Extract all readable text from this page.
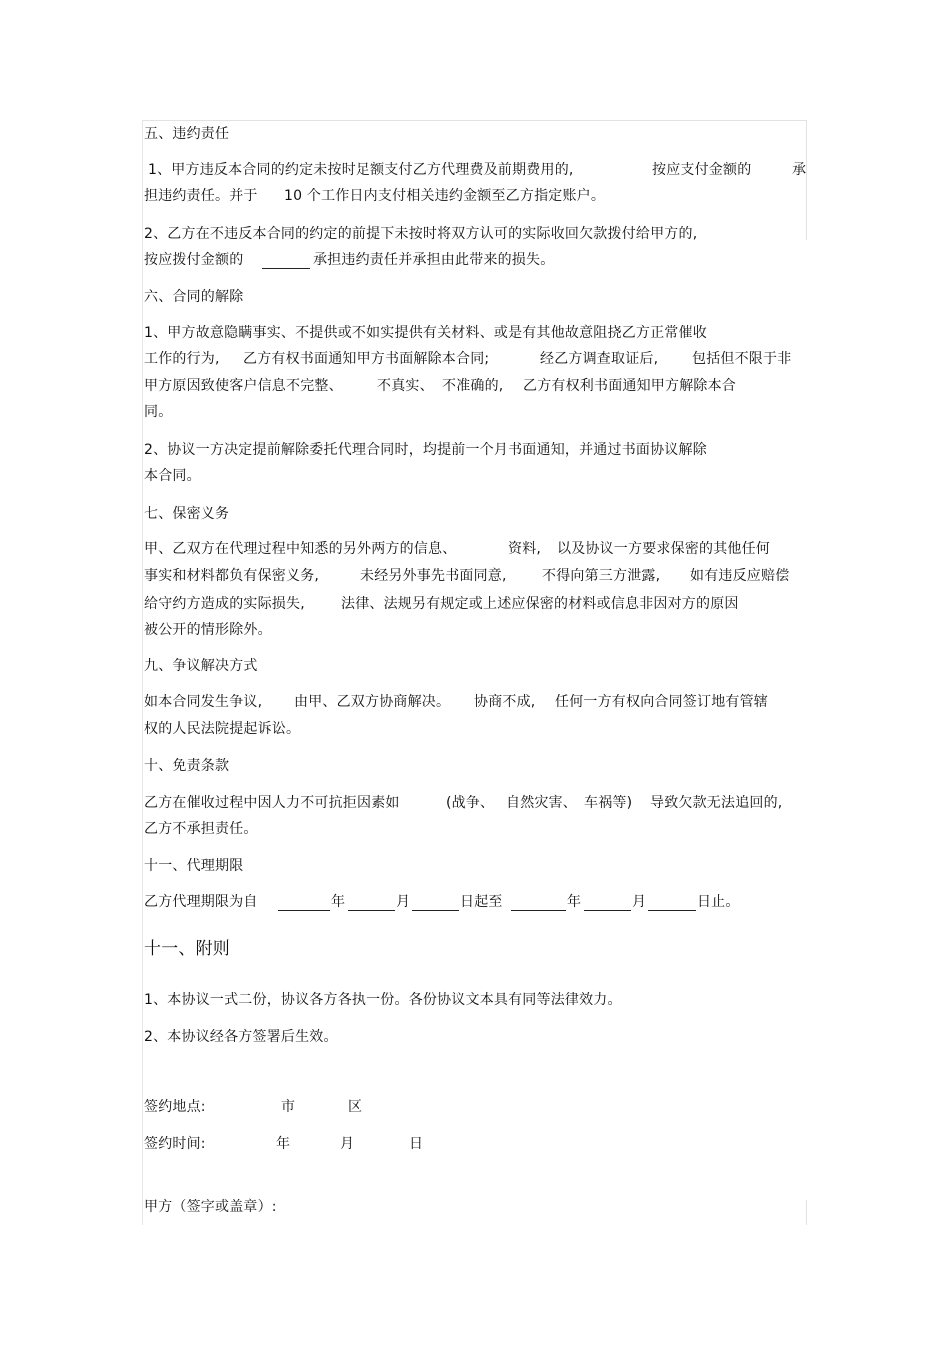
五、违约责任
1、甲方违反本合同的约定未按时足额支付乙方代理费及前期费用的,	按应支付金额的	承
担违约责任。并于 10 个工作日内支付相关违约金额至乙方指定账户。
2、乙方在不违反本合同的约定的前提下未按时将双方认可的实际收回欠款拨付给甲方的,
按应拨付金额的	承担违约责任并承担由此带来的损失。
六、合同的解除
1、甲方故意隐瞒事实、不提供或不如实提供有关材料、或是有其他故意阻挠乙方正常催收
工作的行为, 乙方有权书面通知甲方书面解除本合同;	经乙方调查取证后, 包括但不限于非
甲方原因致使客户信息不完整、 不真实、 不准确的, 乙方有权利书面通知甲方解除本合
同。
2、协议一方决定提前解除委托代理合同时，均提前一个月书面通知，并通过书面协议解除
本合同。
七、保密义务
甲、乙双方在代理过程中知悉的另外两方的信息、	资料, 以及协议一方要求保密的其他任何
事实和材料都负有保密义务,	未经另外事先书面同意,	不得向第三方泄露, 如有违反应赔偿
给守约方造成的实际损失,	法律、法规另有规定或上述应保密的材料或信息非因对方的原因
被公开的情形除外。
九、争议解决方式
如本合同发生争议, 由甲、乙双方协商解决。 协商不成, 任何一方有权向合同签订地有管辖
权的人民法院提起诉讼。
十、免责条款
乙方在催收过程中因人力不可抗拒因素如	(战争、 自然灾害、 车祸等) 导致欠款无法追回的,
乙方不承担责任。
十一、代理期限
乙方代理期限为自	年	月	日起至	年	月	日止。
十一、附则
1、本协议一式二份，协议各方各执一份。各份协议文本具有同等法律效力。
2、本协议经各方签署后生效。
签约地点:	市	区
签约时间:	年	月	日
甲方（签字或盖章）:
